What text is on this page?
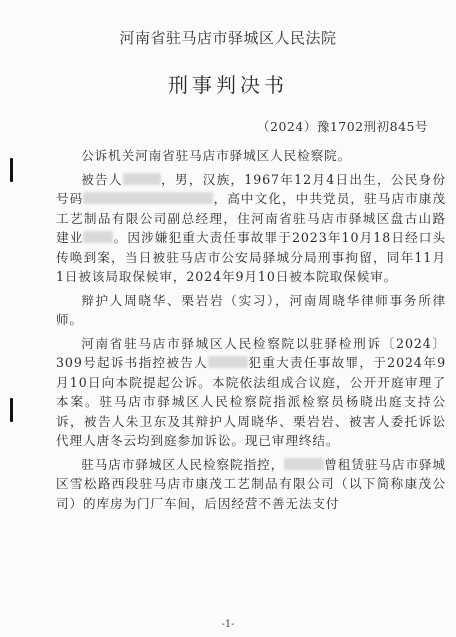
河南省驻马店市驿城区人民法院
刑事判决书
（2024）豫1702刑初845号

公诉机关河南省驻马店市驿城区人民检察院。

被告人	，男，汉族，1967年12月4日出生，公民身份号码	，高中文化，中共党员，驻马店市康茂工艺制品有限公司副总经理，住河南省驻马店市驿城区盘古山路建业 。因涉嫌犯重大责任事故罪于2023年10月18日经口头传唤到案，当日被驻马店市公安局驿城分局刑事拘留，同年11月1日被该局取保候审，2024年9月10日被本院取保候审。

辩护人周晓华、栗岩岩（实习），河南周晓华律师事务所律师。

河南省驻马店市驿城区人民检察院以驻驿检刑诉〔2024〕309号起诉书指控被告人	犯重大责任事故罪，于2024年9月10日向本院提起公诉。本院依法组成合议庭，公开开庭审理了本案。驻马店市驿城区人民检察院指派检察员杨晓出庭支持公诉，被告人朱卫东及其辩护人周晓华、栗岩岩、被害人委托诉讼代理人唐冬云均到庭参加诉讼。现已审理终结。

驻马店市驿城区人民检察院指控，	曾租赁驻马店市驿城区雪松路西段驻马店市康茂工艺制品有限公司（以下简称康茂公司）的库房为门厂车间，后因经营不善无法支付

-1-
